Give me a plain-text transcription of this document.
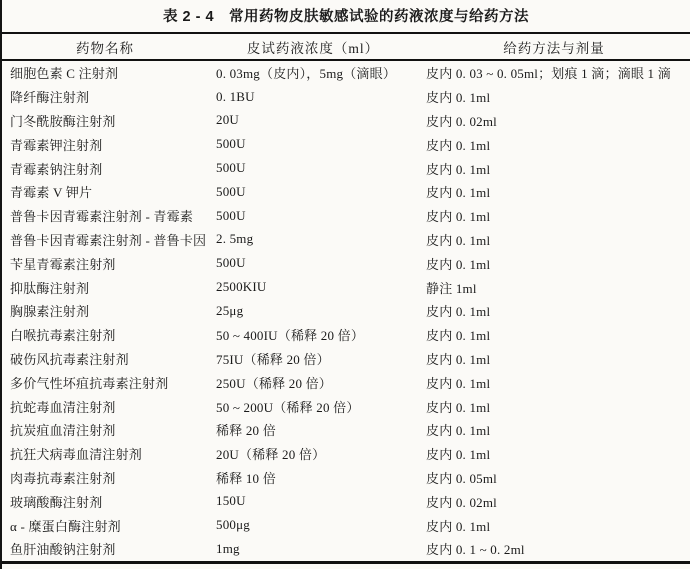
表 2 - 4　常用药物皮肤敏感试验的药液浓度与给药方法
药物名称	皮试药液浓度（ml）	给药方法与剂量
细胞色素 C 注射剂	0. 03mg（皮内），5mg（滴眼）	皮内 0. 03 ~ 0. 05ml；划痕 1 滴；滴眼 1 滴
降纤酶注射剂	0. 1BU	皮内 0. 1ml
门冬酰胺酶注射剂	20U	皮内 0. 02ml
青霉素钾注射剂	500U	皮内 0. 1ml
青霉素钠注射剂	500U	皮内 0. 1ml
青霉素 V 钾片	500U	皮内 0. 1ml
普鲁卡因青霉素注射剂 - 青霉素	500U	皮内 0. 1ml
普鲁卡因青霉素注射剂 - 普鲁卡因	2. 5mg	皮内 0. 1ml
苄星青霉素注射剂	500U	皮内 0. 1ml
抑肽酶注射剂	2500KIU	静注 1ml
胸腺素注射剂	25μg	皮内 0. 1ml
白喉抗毒素注射剂	50 ~ 400IU（稀释 20 倍）	皮内 0. 1ml
破伤风抗毒素注射剂	75IU（稀释 20 倍）	皮内 0. 1ml
多价气性坏疽抗毒素注射剂	250U（稀释 20 倍）	皮内 0. 1ml
抗蛇毒血清注射剂	50 ~ 200U（稀释 20 倍）	皮内 0. 1ml
抗炭疽血清注射剂	稀释 20 倍	皮内 0. 1ml
抗狂犬病毒血清注射剂	20U（稀释 20 倍）	皮内 0. 1ml
肉毒抗毒素注射剂	稀释 10 倍	皮内 0. 05ml
玻璃酸酶注射剂	150U	皮内 0. 02ml
α - 糜蛋白酶注射剂	500μg	皮内 0. 1ml
鱼肝油酸钠注射剂	1mg	皮内 0. 1 ~ 0. 2ml
